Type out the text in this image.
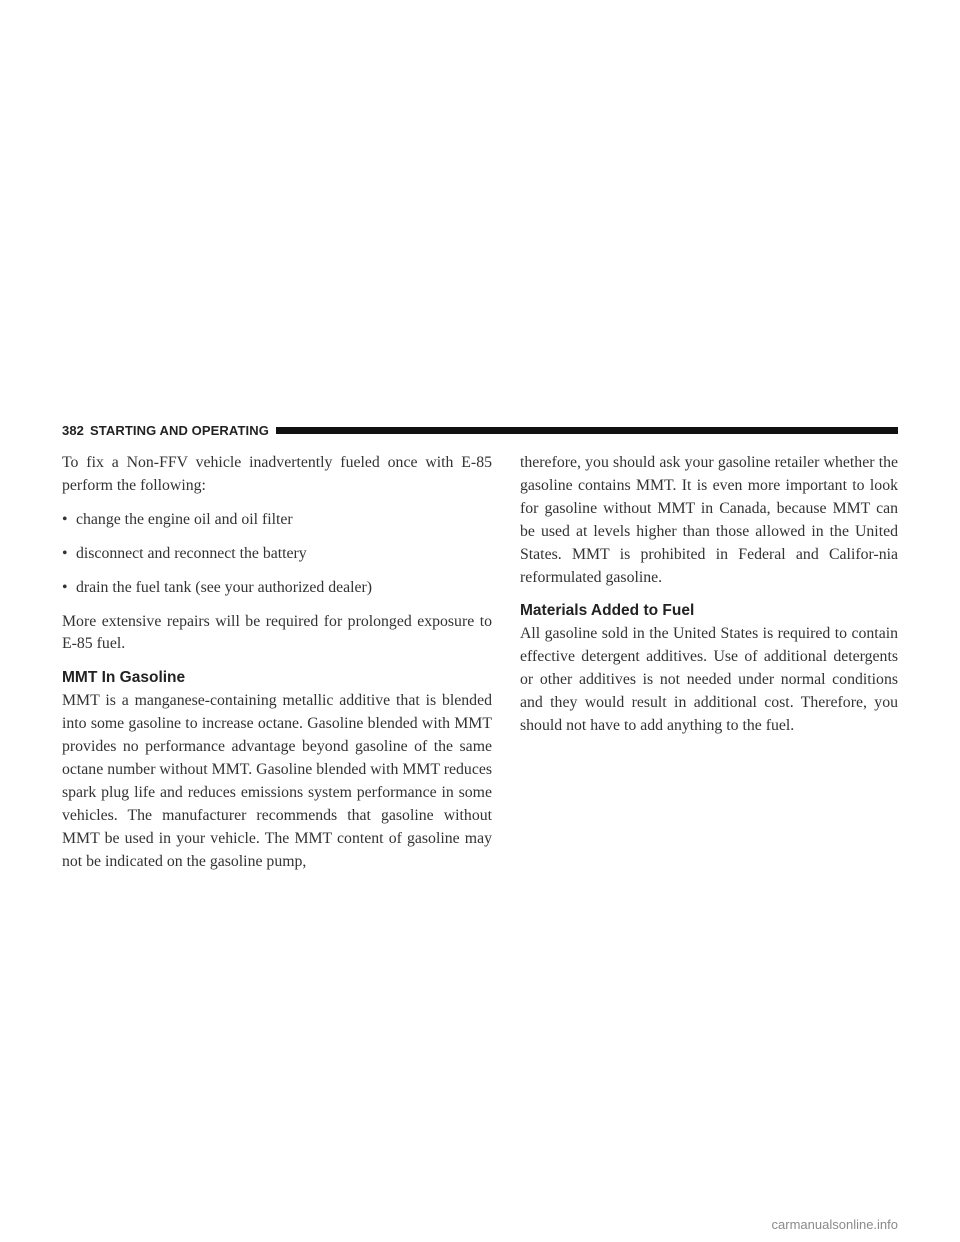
382 STARTING AND OPERATING

To fix a Non-FFV vehicle inadvertently fueled once with E-85 perform the following:

• change the engine oil and oil filter
• disconnect and reconnect the battery
• drain the fuel tank (see your authorized dealer)

More extensive repairs will be required for prolonged exposure to E-85 fuel.

MMT In Gasoline

MMT is a manganese-containing metallic additive that is blended into some gasoline to increase octane. Gasoline blended with MMT provides no performance advantage beyond gasoline of the same octane number without MMT. Gasoline blended with MMT reduces spark plug life and reduces emissions system performance in some vehicles. The manufacturer recommends that gasoline without MMT be used in your vehicle. The MMT content of gasoline may not be indicated on the gasoline pump,

therefore, you should ask your gasoline retailer whether the gasoline contains MMT. It is even more important to look for gasoline without MMT in Canada, because MMT can be used at levels higher than those allowed in the United States. MMT is prohibited in Federal and Califor-nia reformulated gasoline.

Materials Added to Fuel

All gasoline sold in the United States is required to contain effective detergent additives. Use of additional detergents or other additives is not needed under normal conditions and they would result in additional cost. Therefore, you should not have to add anything to the fuel.

carmanualsonline.info
